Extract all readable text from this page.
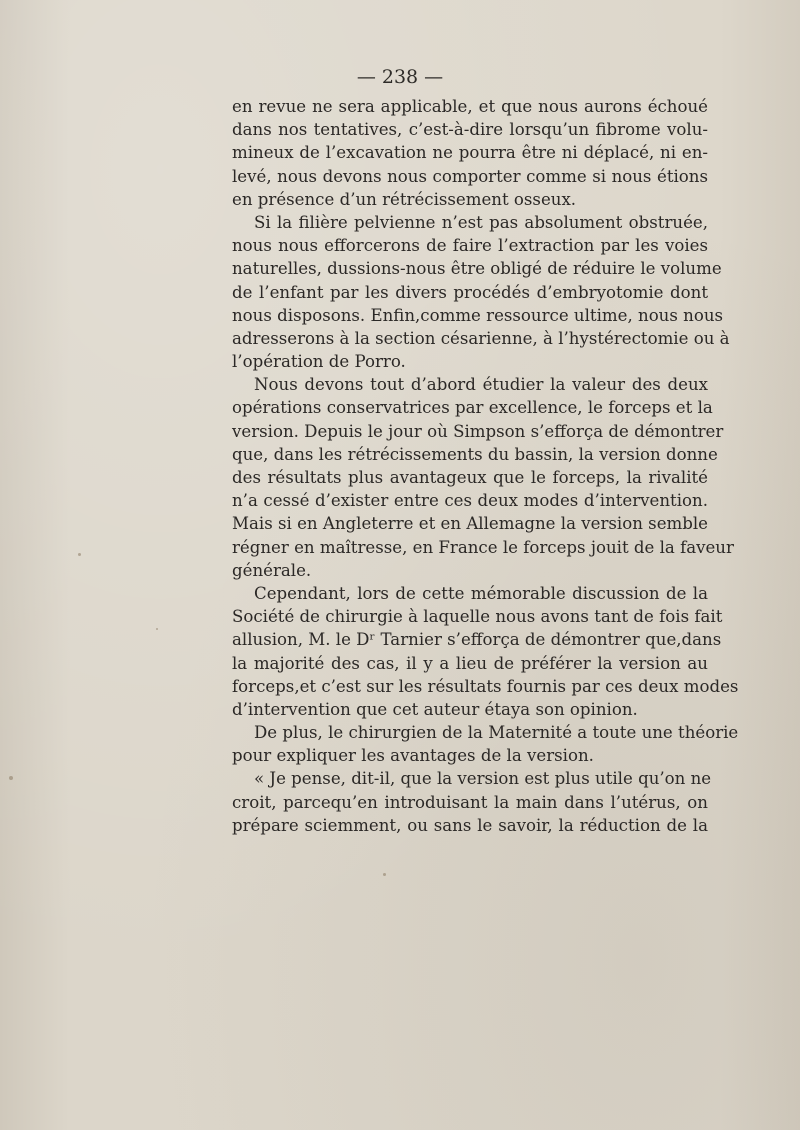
— 238 —
en revue ne sera applicable, et que nous aurons échoué
dans nos tentatives, c’est-à-dire lorsqu’un fibrome volu-
mineux de l’excavation ne pourra être ni déplacé, ni en-
levé, nous devons nous comporter comme si nous étions
en présence d’un rétrécissement osseux.
Si la filière pelvienne n’est pas absolument obstruée,
nous nous efforcerons de faire l’extraction par les voies
naturelles, dussions-nous être obligé de réduire le volume
de l’enfant par les divers procédés d’embryotomie dont
nous disposons. Enfin,comme ressource ultime, nous nous
adresserons à la section césarienne, à l’hystérectomie ou à
l’opération de Porro.
Nous devons tout d’abord étudier la valeur des deux
opérations conservatrices par excellence, le forceps et la
version. Depuis le jour où Simpson s’efforça de démontrer
que, dans les rétrécissements du bassin, la version donne
des résultats plus avantageux que le forceps, la rivalité
n’a cessé d’exister entre ces deux modes d’intervention.
Mais si en Angleterre et en Allemagne la version semble
régner en maîtresse, en France le forceps jouit de la faveur
générale.
Cependant, lors de cette mémorable discussion de la
Société de chirurgie à laquelle nous avons tant de fois fait
allusion, M. le Dʳ Tarnier s’efforça de démontrer que,dans
la majorité des cas, il y a lieu de préférer la version au
forceps,et c’est sur les résultats fournis par ces deux modes
d’intervention que cet auteur étaya son opinion.
De plus, le chirurgien de la Maternité a toute une théorie
pour expliquer les avantages de la version.
« Je pense, dit-il, que la version est plus utile qu’on ne
croit, parcequ’en introduisant la main dans l’utérus, on
prépare sciemment, ou sans le savoir, la réduction de la
